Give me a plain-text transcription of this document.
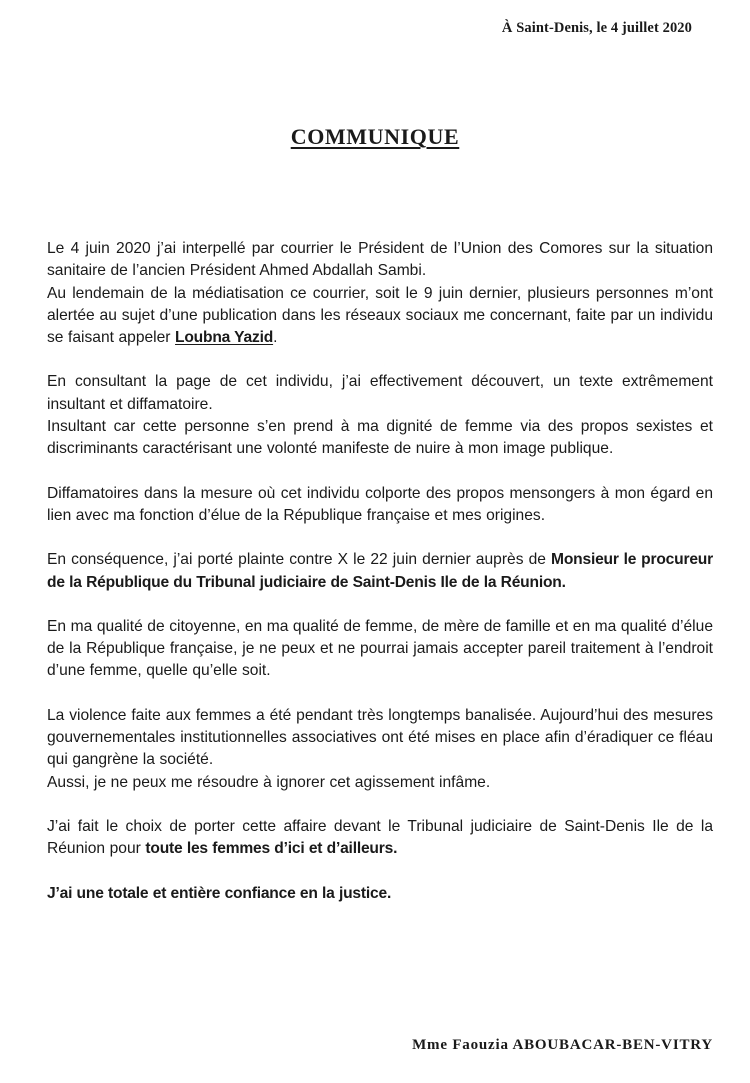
À Saint-Denis, le 4 juillet 2020
COMMUNIQUE

Le 4 juin 2020 j’ai interpellé par courrier le Président de l’Union des Comores sur la situation sanitaire de l’ancien Président Ahmed Abdallah Sambi.
Au lendemain de la médiatisation ce courrier, soit le 9 juin dernier, plusieurs personnes m’ont alertée au sujet d’une publication dans les réseaux sociaux me concernant, faite par un individu se faisant appeler Loubna Yazid.

En consultant la page de cet individu, j’ai effectivement découvert, un texte extrêmement insultant et diffamatoire.
Insultant car cette personne s’en prend à ma dignité de femme via des propos sexistes et discriminants caractérisant une volonté manifeste de nuire à mon image publique.

Diffamatoires dans la mesure où cet individu colporte des propos mensongers à mon égard en lien avec ma fonction d’élue de la République française et mes origines.

En conséquence, j’ai porté plainte contre X le 22 juin dernier auprès de Monsieur le procureur de la République du Tribunal judiciaire de Saint-Denis Ile de la Réunion.

En ma qualité de citoyenne, en ma qualité de femme, de mère de famille et en ma qualité d’élue de la République française, je ne peux et ne pourrai jamais accepter pareil traitement à l’endroit d’une femme, quelle qu’elle soit.

La violence faite aux femmes a été pendant très longtemps banalisée. Aujourd’hui des mesures gouvernementales institutionnelles associatives ont été mises en place afin d’éradiquer ce fléau qui gangrène la société.
Aussi, je ne peux me résoudre à ignorer cet agissement infâme.

J’ai fait le choix de porter cette affaire devant le Tribunal judiciaire de Saint-Denis Ile de la Réunion pour toute les femmes d’ici et d’ailleurs.

J’ai une totale et entière confiance en la justice.

Mme Faouzia ABOUBACAR-BEN-VITRY
